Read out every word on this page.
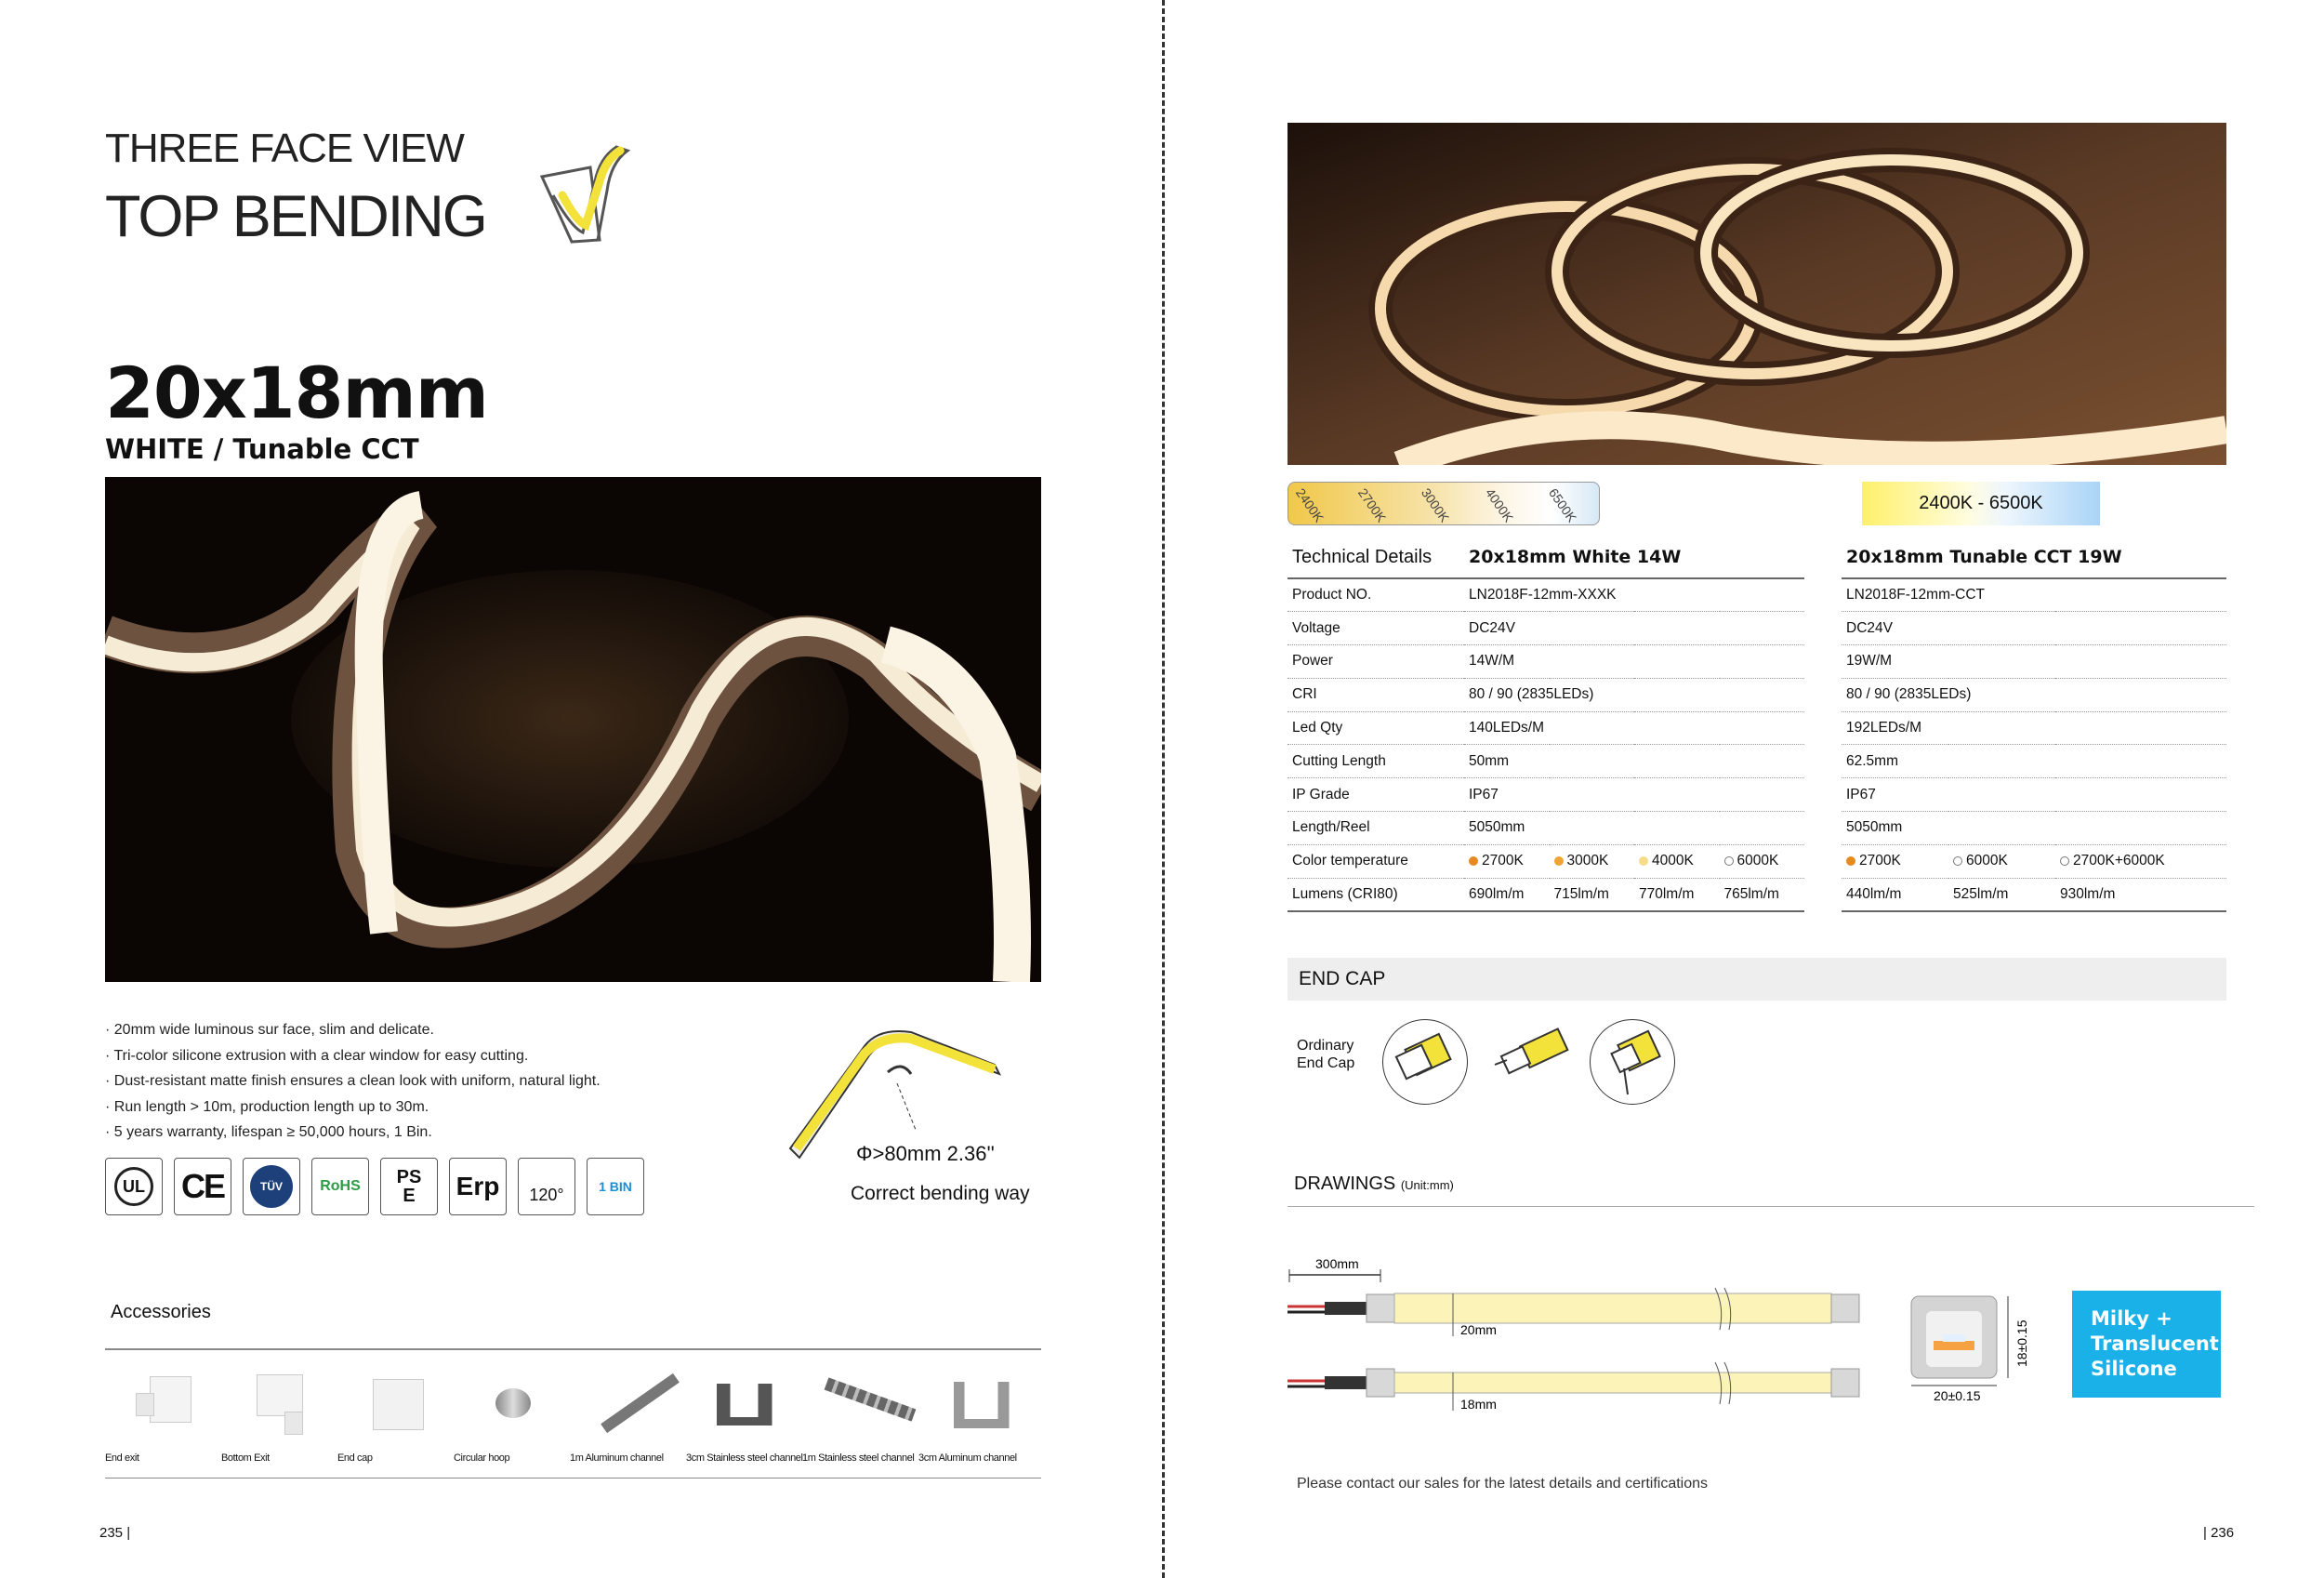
THREE FACE VIEW
TOP BENDING
20x18mm
WHITE / Tunable CCT
· 20mm wide luminous sur face, slim and delicate.
· Tri-color silicone extrusion with a clear window for easy cutting.
· Dust-resistant matte finish ensures a clean look with uniform, natural light.
· Run length > 10m, production length up to 30m.
· 5 years warranty, lifespan ≥ 50,000 hours, 1 Bin.
UL CE	TÜV	RoHS	PSE	Erp 120°	1 BIN
Φ>80mm 2.36''
Correct bending way
Accessories
End exit	Bottom Exit	End cap	Circular hoop	1m Aluminum channel 3cm Stainless steel channel 1m Stainless steel channel 3cm Aluminum channel
235 |
2400K 2700K 3000K 4000K 6500K	2400K - 6500K
Technical Details	20x18mm White 14W					20x18mm Tunable CCT 19W		
Product NO.	LN2018F-12mm-XXXK					LN2018F-12mm-CCT		
Voltage	DC24V					DC24V		
Power	14W/M					19W/M		
CRI	80 / 90 (2835LEDs)					80 / 90 (2835LEDs)		
Led Qty	140LEDs/M					192LEDs/M		
Cutting Length	50mm					62.5mm		
IP Grade	IP67					IP67		
Length/Reel	5050mm					5050mm		
Color temperature	2700K	3000K	4000K	6000K		2700K	6000K	2700K+6000K
Lumens (CRI80)	690lm/m	715lm/m	770lm/m	765lm/m		440lm/m	525lm/m	930lm/m
END CAP
Ordinary
End Cap
DRAWINGS (Unit:mm)
300mm
20mm
18mm
20±0.15
18±0.15
Milky +
Translucent
Silicone
Please contact our sales for the latest details and certifications
| 236
